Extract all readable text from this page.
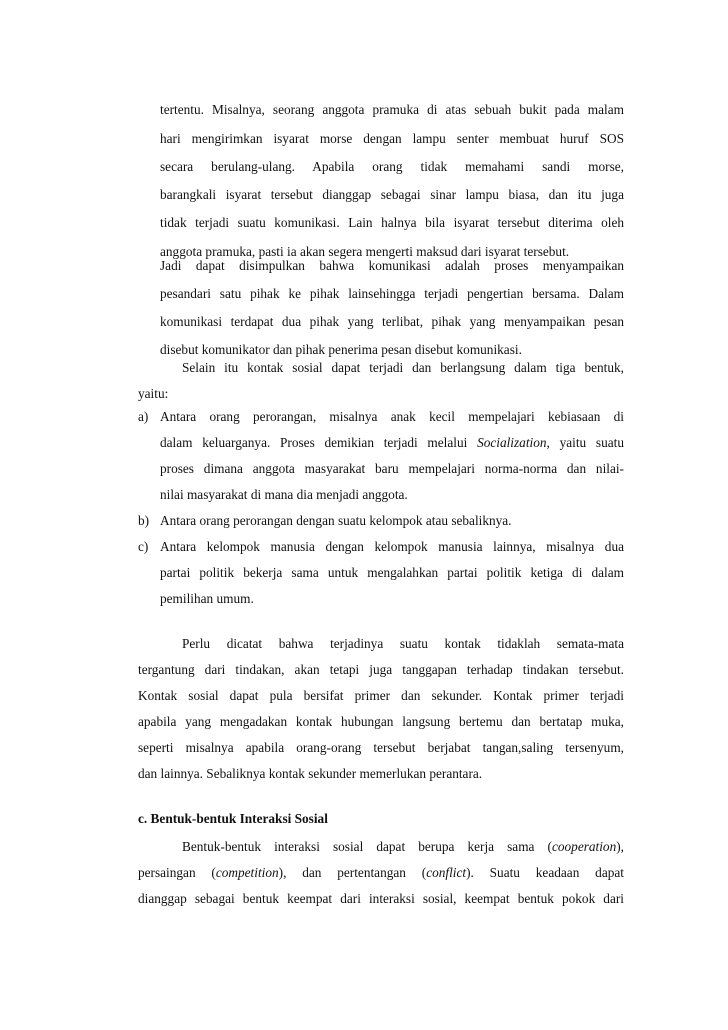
tertentu. Misalnya, seorang anggota pramuka di atas sebuah bukit pada malam
hari mengirimkan isyarat morse dengan lampu senter membuat huruf SOS
secara berulang-ulang. Apabila orang tidak memahami sandi morse,
barangkali isyarat tersebut dianggap sebagai sinar lampu biasa, dan itu juga
tidak terjadi suatu komunikasi. Lain halnya bila isyarat tersebut diterima oleh
anggota pramuka, pasti ia akan segera mengerti maksud dari isyarat tersebut.
Jadi dapat disimpulkan bahwa komunikasi adalah proses menyampaikan
pesandari satu pihak ke pihak lainsehingga terjadi pengertian bersama. Dalam
komunikasi terdapat dua pihak yang terlibat, pihak yang menyampaikan pesan
disebut komunikator dan pihak penerima pesan disebut komunikasi.
Selain itu kontak sosial dapat terjadi dan berlangsung dalam tiga bentuk,
yaitu:
a) Antara orang perorangan, misalnya anak kecil mempelajari kebiasaan di
dalam keluarganya. Proses demikian terjadi melalui Socialization, yaitu suatu
proses dimana anggota masyarakat baru mempelajari norma-norma dan nilai-
nilai masyarakat di mana dia menjadi anggota.
b) Antara orang perorangan dengan suatu kelompok atau sebaliknya.
c) Antara kelompok manusia dengan kelompok manusia lainnya, misalnya dua
partai politik bekerja sama untuk mengalahkan partai politik ketiga di dalam
pemilihan umum.
Perlu dicatat bahwa terjadinya suatu kontak tidaklah semata-mata
tergantung dari tindakan, akan tetapi juga tanggapan terhadap tindakan tersebut.
Kontak sosial dapat pula bersifat primer dan sekunder. Kontak primer terjadi
apabila yang mengadakan kontak hubungan langsung bertemu dan bertatap muka,
seperti misalnya apabila orang-orang tersebut berjabat tangan,saling tersenyum,
dan lainnya. Sebaliknya kontak sekunder memerlukan perantara.
c. Bentuk-bentuk Interaksi Sosial
Bentuk-bentuk interaksi sosial dapat berupa kerja sama (cooperation),
persaingan (competition), dan pertentangan (conflict). Suatu keadaan dapat
dianggap sebagai bentuk keempat dari interaksi sosial, keempat bentuk pokok dari
